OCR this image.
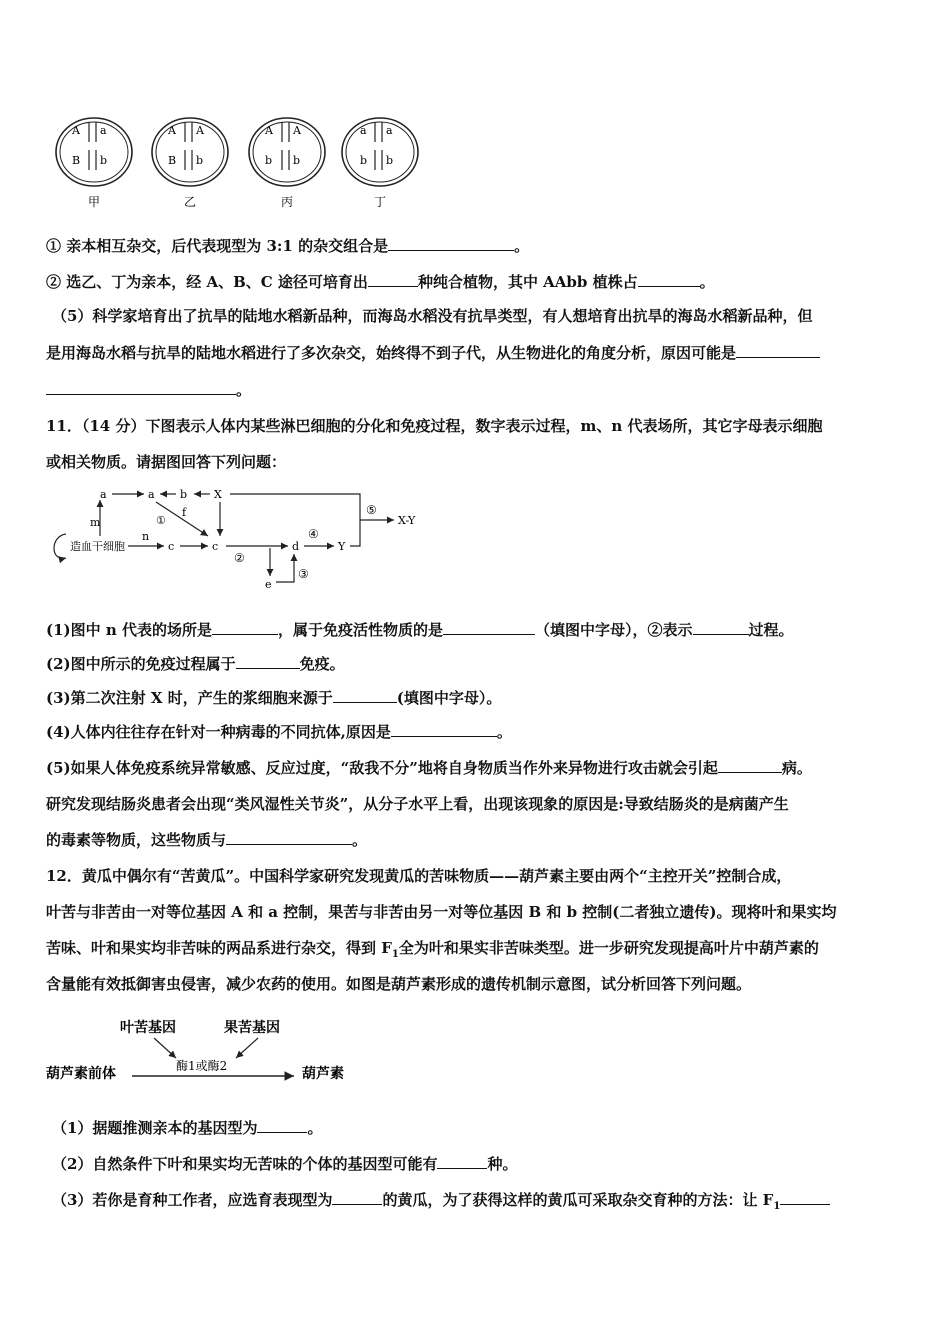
A a
B b
甲
A A
B b
乙
A A
b b
丙
a a
b b
丁
① 亲本相互杂交，后代表现型为 3:1 的杂交组合是	。
② 选乙、丁为亲本，经 A、B、C 途径可培育出	种纯合植物，其中 AAbb 植株占	。
（5）科学家培育出了抗旱的陆地水稻新品种，而海岛水稻没有抗旱类型，有人想培育出抗旱的海岛水稻新品种，但
是用海岛水稻与抗旱的陆地水稻进行了多次杂交，始终得不到子代，从生物进化的角度分析，原因可能是
。
11．（14 分）下图表示人体内某些淋巴细胞的分化和免疫过程，数字表示过程，m、n 代表场所，其它字母表示细胞
或相关物质。请据图回答下列问题：
造血干细胞
m
a	a b X
①
f
n
c	c
②
d
e
③
④
Y
⑤
X-Y
(1)图中 n 代表的场所是	，属于免疫活性物质的是	（填图中字母），②表示	过程。
(2)图中所示的免疫过程属于	免疫。
(3)第二次注射 X 时，产生的浆细胞来源于	(填图中字母）。
(4)人体内往往存在针对一种病毒的不同抗体,原因是	。
(5)如果人体免疫系统异常敏感、反应过度，“敌我不分”地将自身物质当作外来异物进行攻击就会引起	病。
研究发现结肠炎患者会出现“类风湿性关节炎”，从分子水平上看，出现该现象的原因是:导致结肠炎的是病菌产生
的毒素等物质，这些物质与	。
12．黄瓜中偶尔有“苦黄瓜”。中国科学家研究发现黄瓜的苦味物质——葫芦素主要由两个“主控开关”控制合成，
叶苦与非苦由一对等位基因 A 和 a 控制，果苦与非苦由另一对等位基因 B 和 b 控制(二者独立遗传)。现将叶和果实均
苦味、叶和果实均非苦味的两品系进行杂交，得到 $F_1$全为叶和果实非苦味类型。进一步研究发现提高叶片中葫芦素的
含量能有效抵御害虫侵害，减少农药的使用。如图是葫芦素形成的遗传机制示意图，试分析回答下列问题。
叶苦基因	果苦基因
酶1或酶2
葫芦素前体	葫芦素
（1）据题推测亲本的基因型为	。
（2）自然条件下叶和果实均无苦味的个体的基因型可能有	种。
（3）若你是育种工作者，应选育表现型为	的黄瓜，为了获得这样的黄瓜可采取杂交育种的方法：让 $F_1$
